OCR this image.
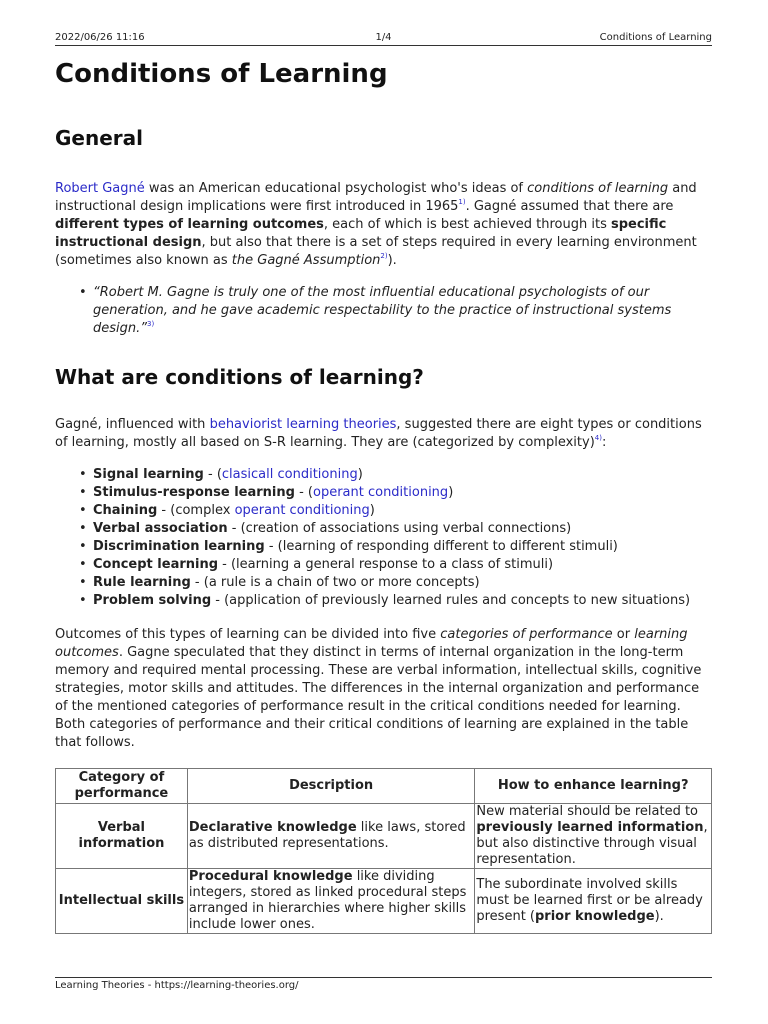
2022/06/26 11:16	1/4	Conditions of Learning
Conditions of Learning
General

Robert Gagné was an American educational psychologist who's ideas of conditions of learning and instructional design implications were first introduced in 1965$^{1)}$. Gagné assumed that there are different types of learning outcomes, each of which is best achieved through its specific instructional design, but also that there is a set of steps required in every learning environment (sometimes also known as the Gagné Assumption$^{2)}$).

• “Robert M. Gagne is truly one of the most influential educational psychologists of our generation, and he gave academic respectability to the practice of instructional systems design.”$^{3)}$
What are conditions of learning?

Gagné, influenced with behaviorist learning theories, suggested there are eight types or conditions of learning, mostly all based on S-R learning. They are (categorized by complexity)$^{4)}$:

• Signal learning - (clasicall conditioning)
• Stimulus-response learning - (operant conditioning)
• Chaining - (complex operant conditioning)
• Verbal association - (creation of associations using verbal connections)
• Discrimination learning - (learning of responding different to different stimuli)
• Concept learning - (learning a general response to a class of stimuli)
• Rule learning - (a rule is a chain of two or more concepts)
• Problem solving - (application of previously learned rules and concepts to new situations)

Outcomes of this types of learning can be divided into five categories of performance or learning outcomes. Gagne speculated that they distinct in terms of internal organization in the long-term memory and required mental processing. These are verbal information, intellectual skills, cognitive strategies, motor skills and attitudes. The differences in the internal organization and performance of the mentioned categories of performance result in the critical conditions needed for learning. Both categories of performance and their critical conditions of learning are explained in the table that follows.

Category of performance	Description	How to enhance learning?
Verbal information	Declarative knowledge like laws, stored as distributed representations.	New material should be related to previously learned information, but also distinctive through visual representation.
Intellectual skills	Procedural knowledge like dividing integers, stored as linked procedural steps arranged in hierarchies where higher skills include lower ones.	The subordinate involved skills must be learned first or be already present (prior knowledge).
Learning Theories - https://learning-theories.org/
